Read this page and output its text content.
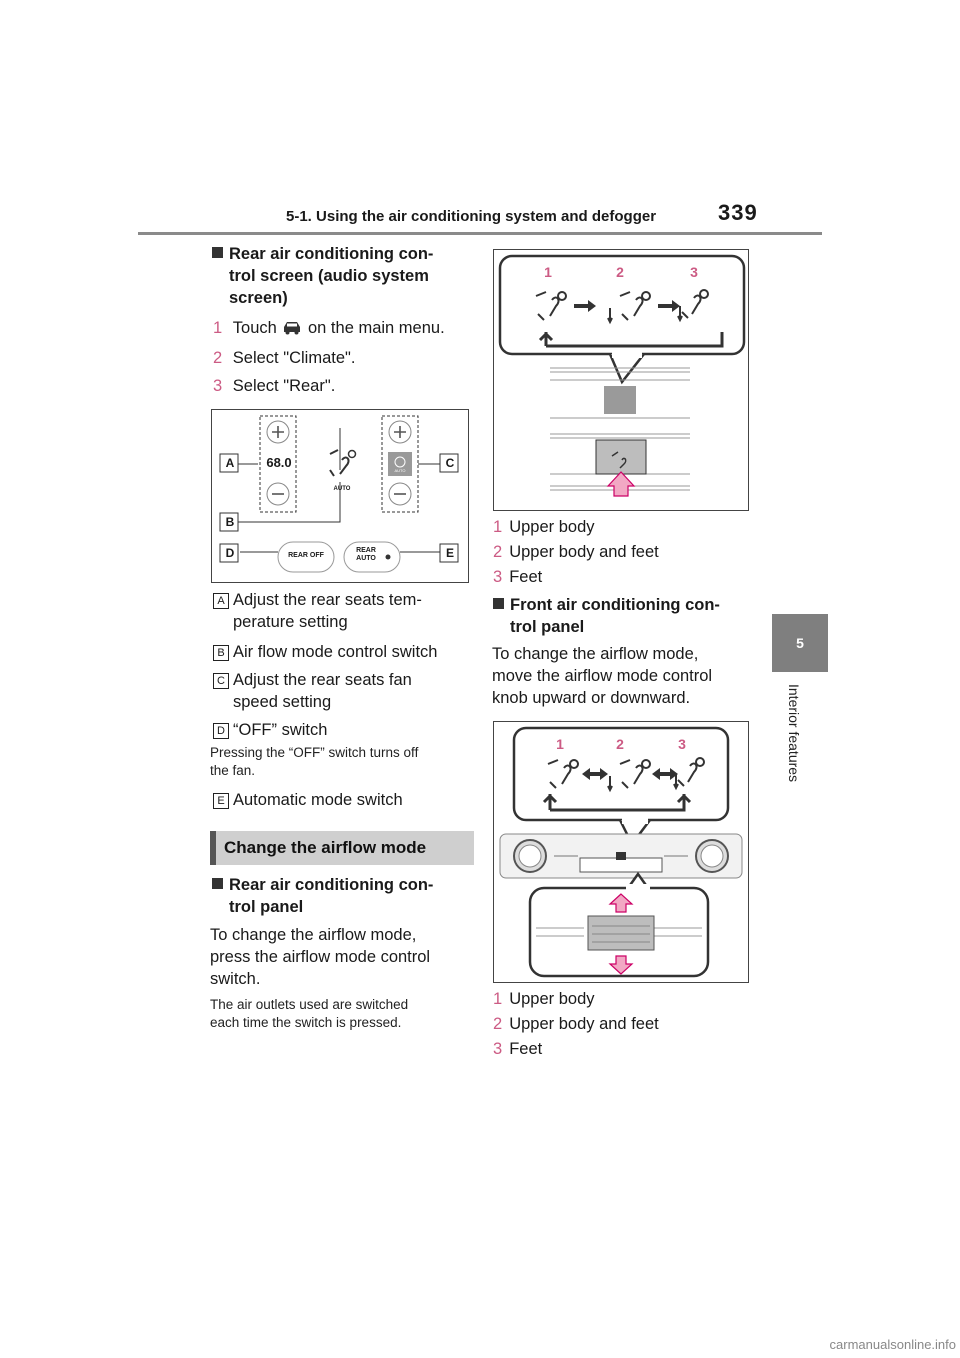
5-1. Using the air conditioning system and defogger	339
5
Interior features
Rear air conditioning con-
trol screen (audio system
screen)
1 Touch  on the main menu.
2 Select "Climate".
3 Select "Rear".
68.0
AUTO
AUTO
REAR OFF
REAR
AUTO
A
B
C
D	E
A Adjust the rear seats tem-
perature setting
B Air flow mode control switch
C Adjust the rear seats fan
speed setting
D “OFF” switch
Pressing the “OFF” switch turns off
the fan.
E Automatic mode switch
Change the airflow mode
Rear air conditioning con-
trol panel
To change the airflow mode,
press the airflow mode control
switch.
The air outlets used are switched
each time the switch is pressed.
1	2	3
1 Upper body
2 Upper body and feet
3 Feet
Front air conditioning con-
trol panel
To change the airflow mode,
move the airflow mode control
knob upward or downward.
1	2	3
1 Upper body
2 Upper body and feet
3 Feet
carmanualsonline.info
